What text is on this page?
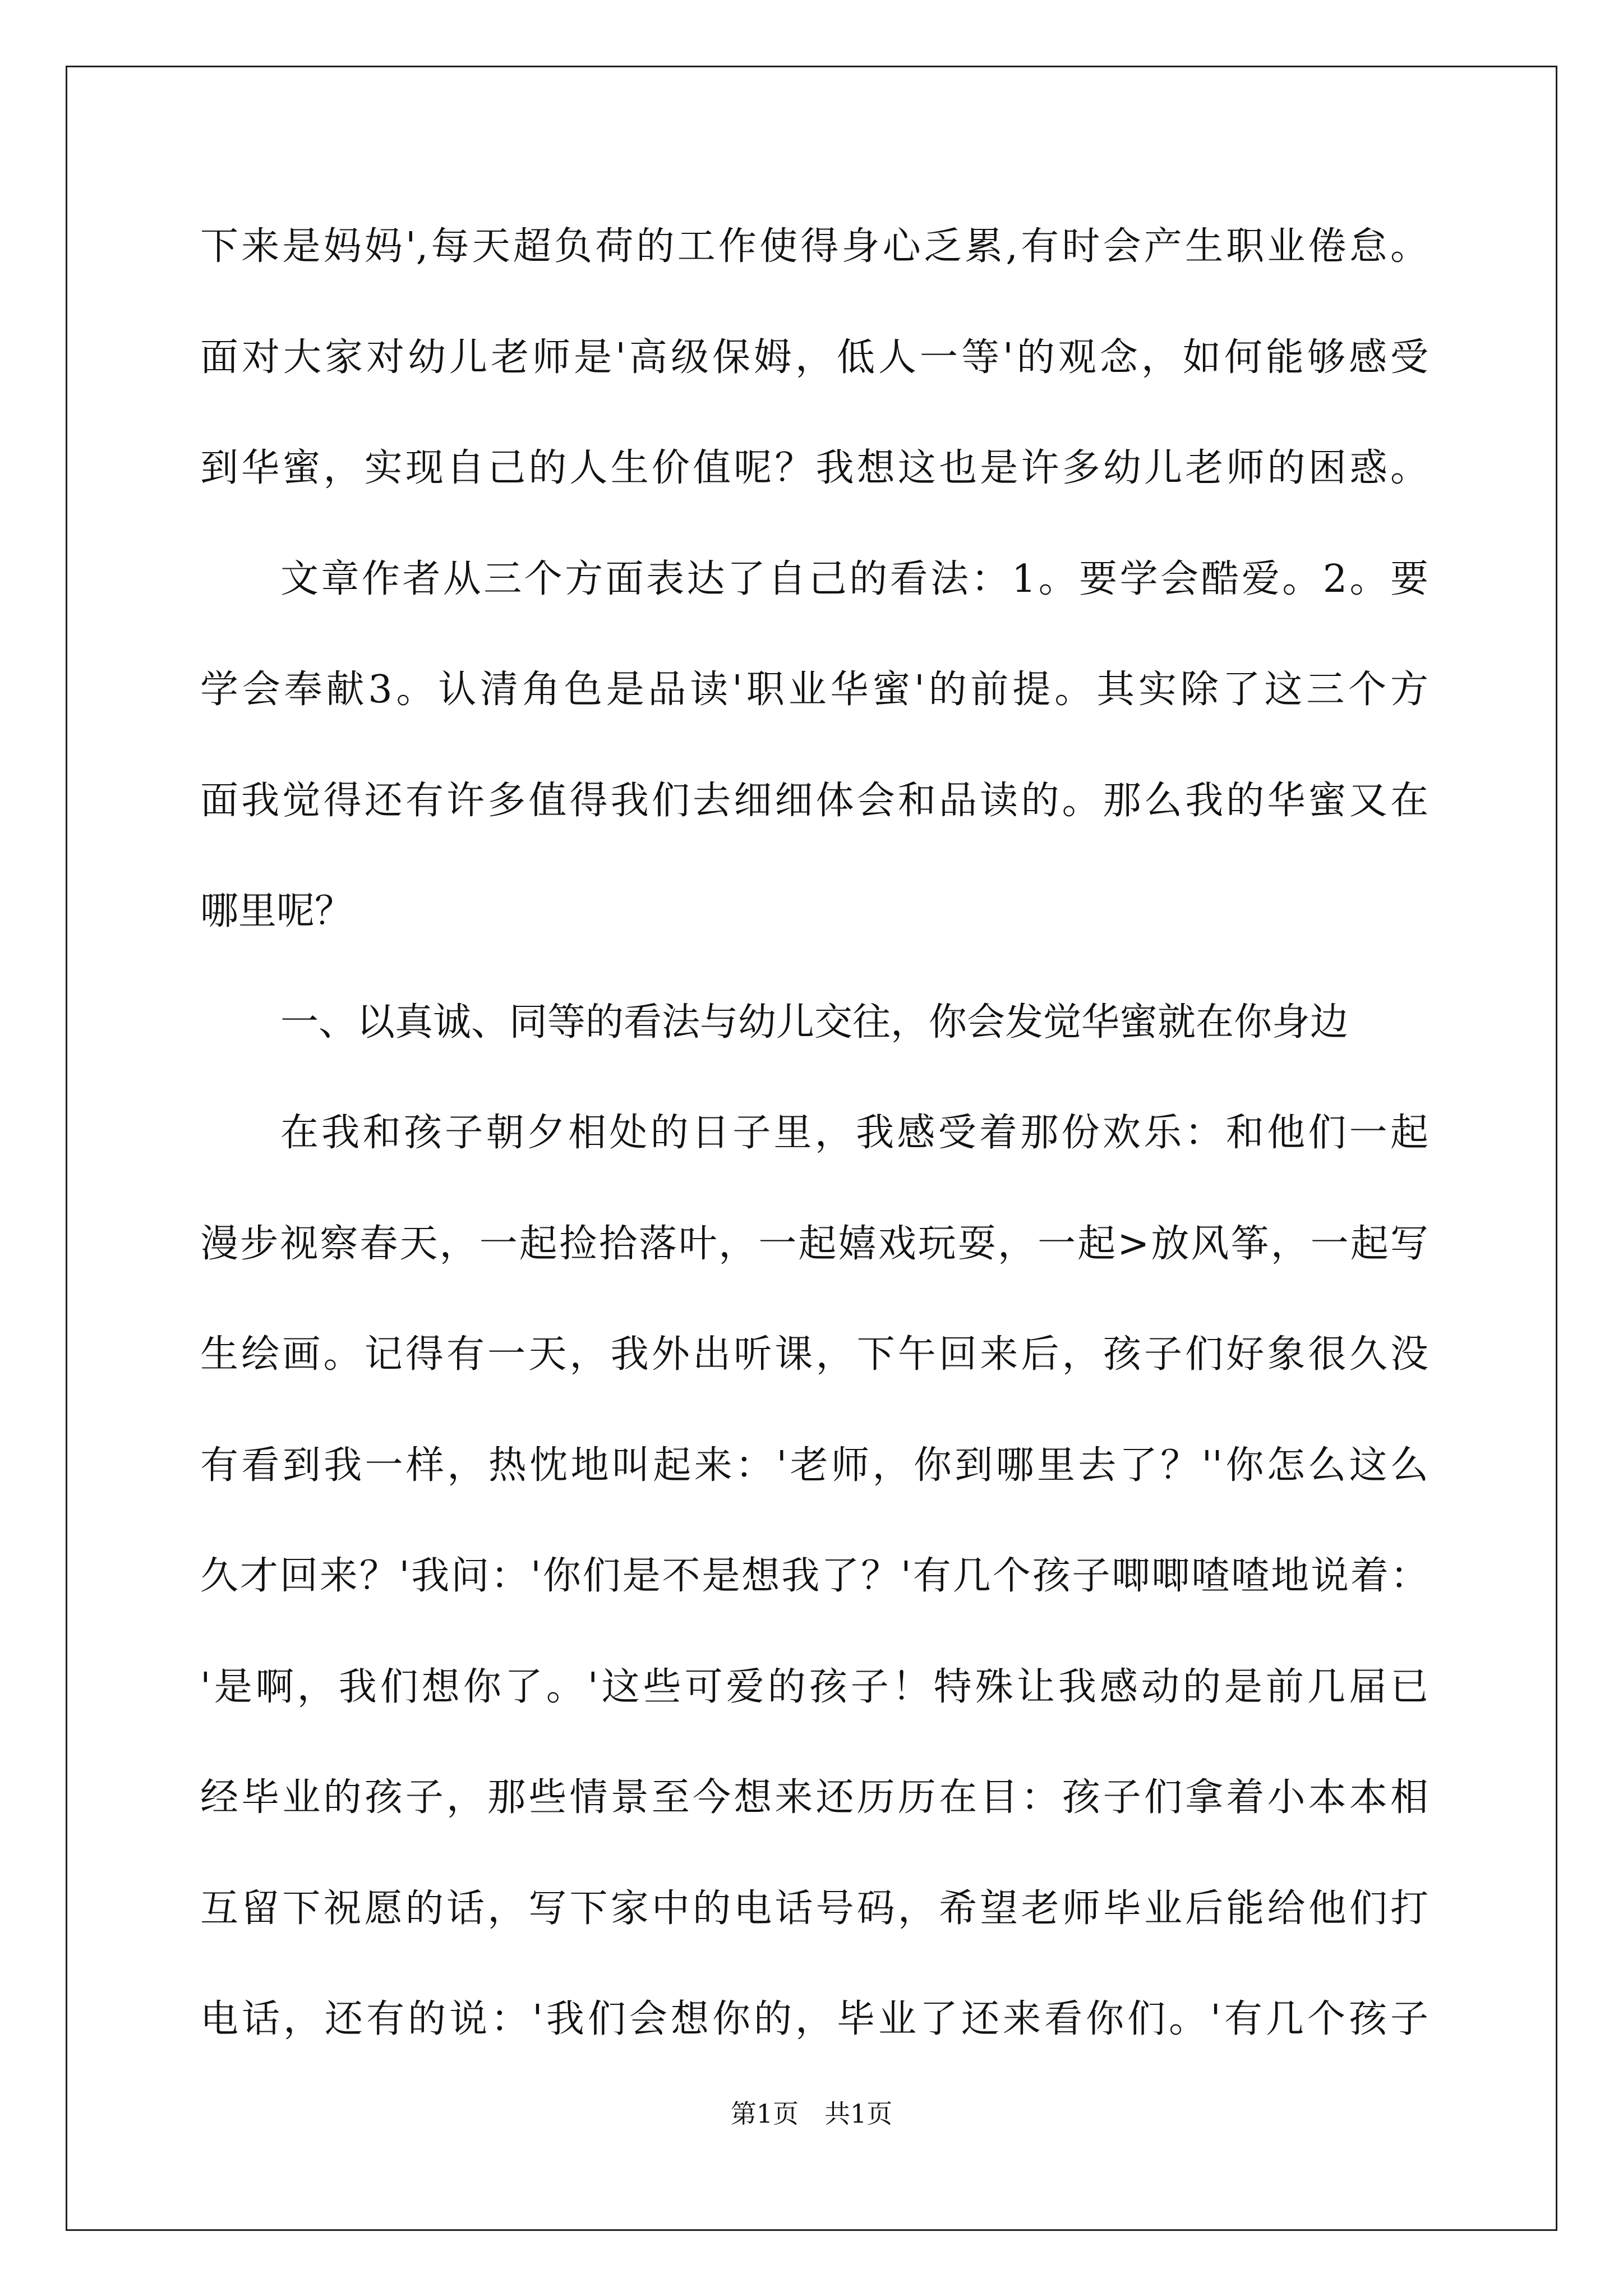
下来是妈妈',每天超负荷的工作使得身心乏累,有时会产生职业倦怠。
面对大家对幼儿老师是'高级保姆，低人一等'的观念，如何能够感受
到华蜜，实现自己的人生价值呢？我想这也是许多幼儿老师的困惑。
文章作者从三个方面表达了自己的看法：1。要学会酷爱。2。要
学会奉献3。认清角色是品读'职业华蜜'的前提。其实除了这三个方
面我觉得还有许多值得我们去细细体会和品读的。那么我的华蜜又在
哪里呢？
一、以真诚、同等的看法与幼儿交往，你会发觉华蜜就在你身边
在我和孩子朝夕相处的日子里，我感受着那份欢乐：和他们一起
漫步视察春天，一起捡拾落叶，一起嬉戏玩耍，一起>放风筝，一起写
生绘画。记得有一天，我外出听课，下午回来后，孩子们好象很久没
有看到我一样，热忱地叫起来：'老师，你到哪里去了？''你怎么这么
久才回来？'我问：'你们是不是想我了？'有几个孩子唧唧喳喳地说着：
'是啊，我们想你了。'这些可爱的孩子！特殊让我感动的是前几届已
经毕业的孩子，那些情景至今想来还历历在目：孩子们拿着小本本相
互留下祝愿的话，写下家中的电话号码，希望老师毕业后能给他们打
电话，还有的说：'我们会想你的，毕业了还来看你们。'有几个孩子
第1页　共1页
